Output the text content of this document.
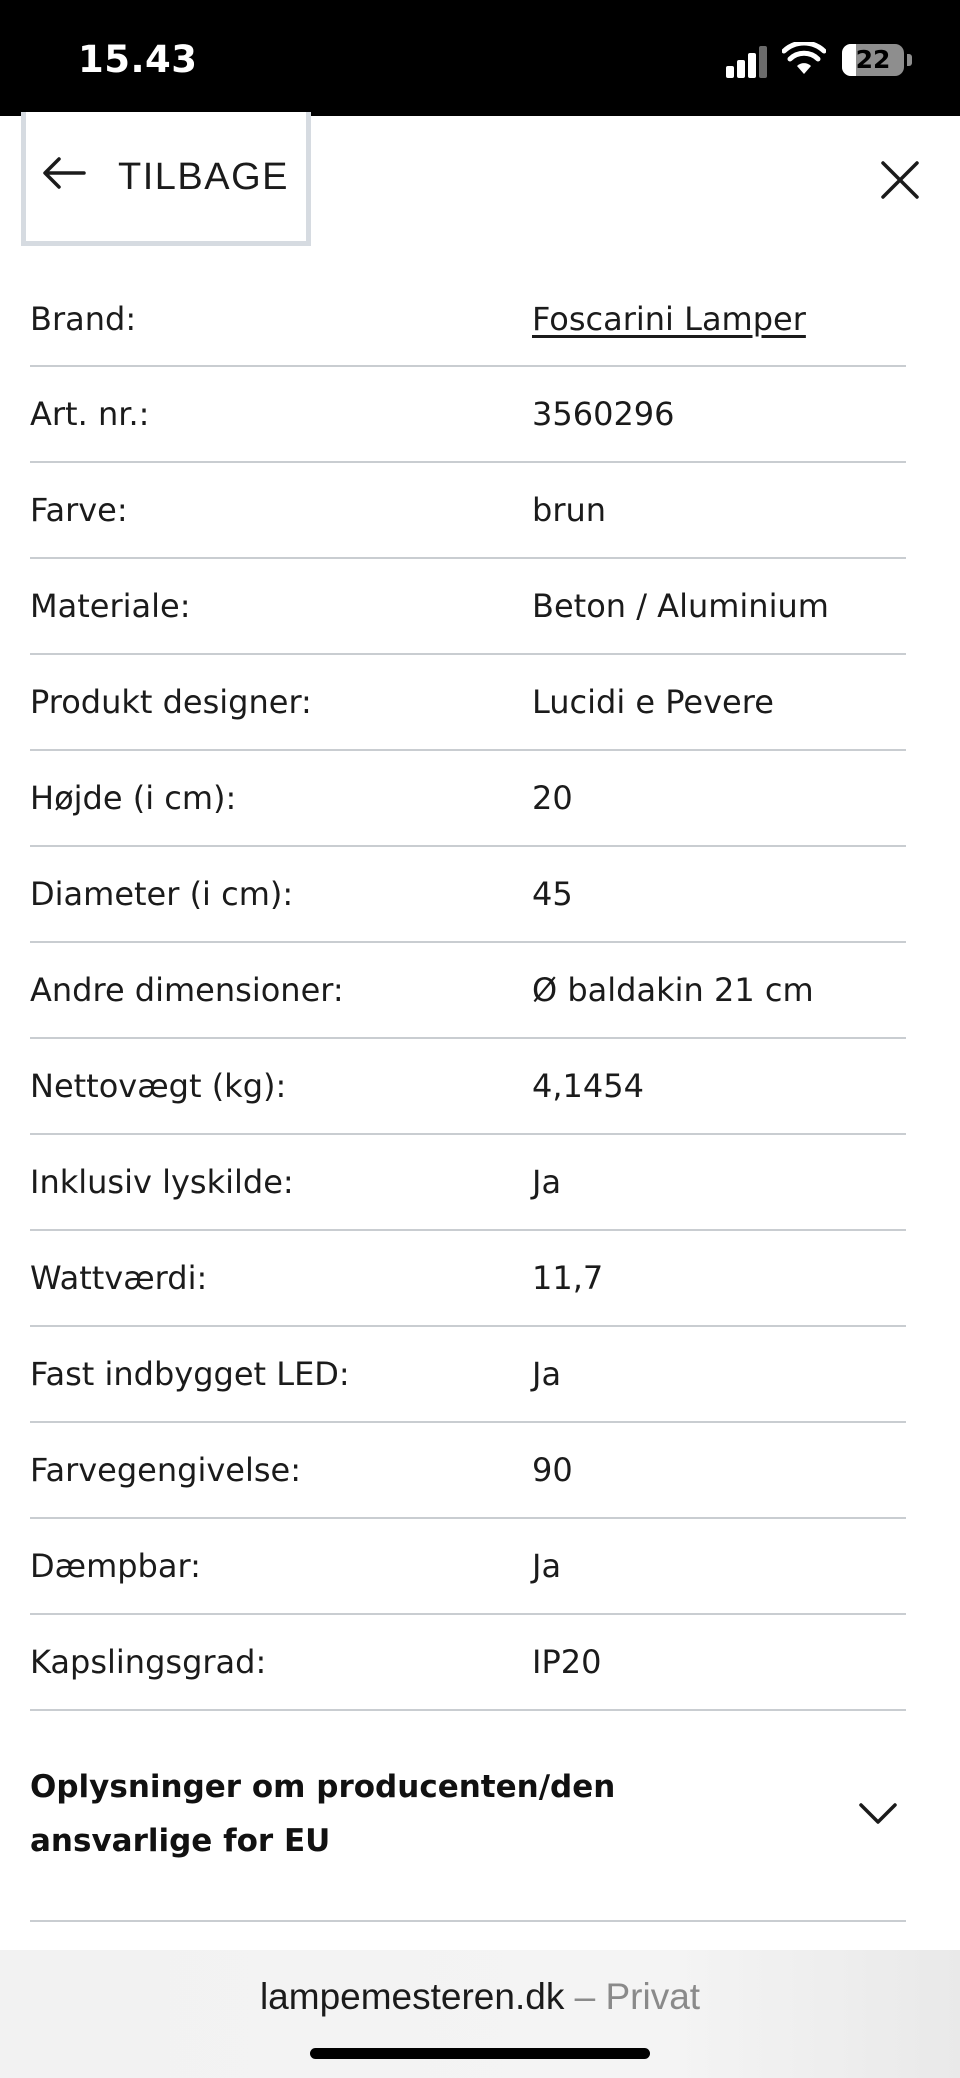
15.43	22
TILBAGE
Brand:	Foscarini Lamper
Art. nr.:	3560296
Farve:	brun
Materiale:	Beton / Aluminium
Produkt designer:	Lucidi e Pevere
Højde (i cm):	20
Diameter (i cm):	45
Andre dimensioner:	Ø baldakin 21 cm
Nettovægt (kg):	4,1454
Inklusiv lyskilde:	Ja
Wattværdi:	11,7
Fast indbygget LED:	Ja
Farvegengivelse:	90
Dæmpbar:	Ja
Kapslingsgrad:	IP20
Oplysninger om producenten/den ansvarlige for EU
lampemesteren.dk – Privat
